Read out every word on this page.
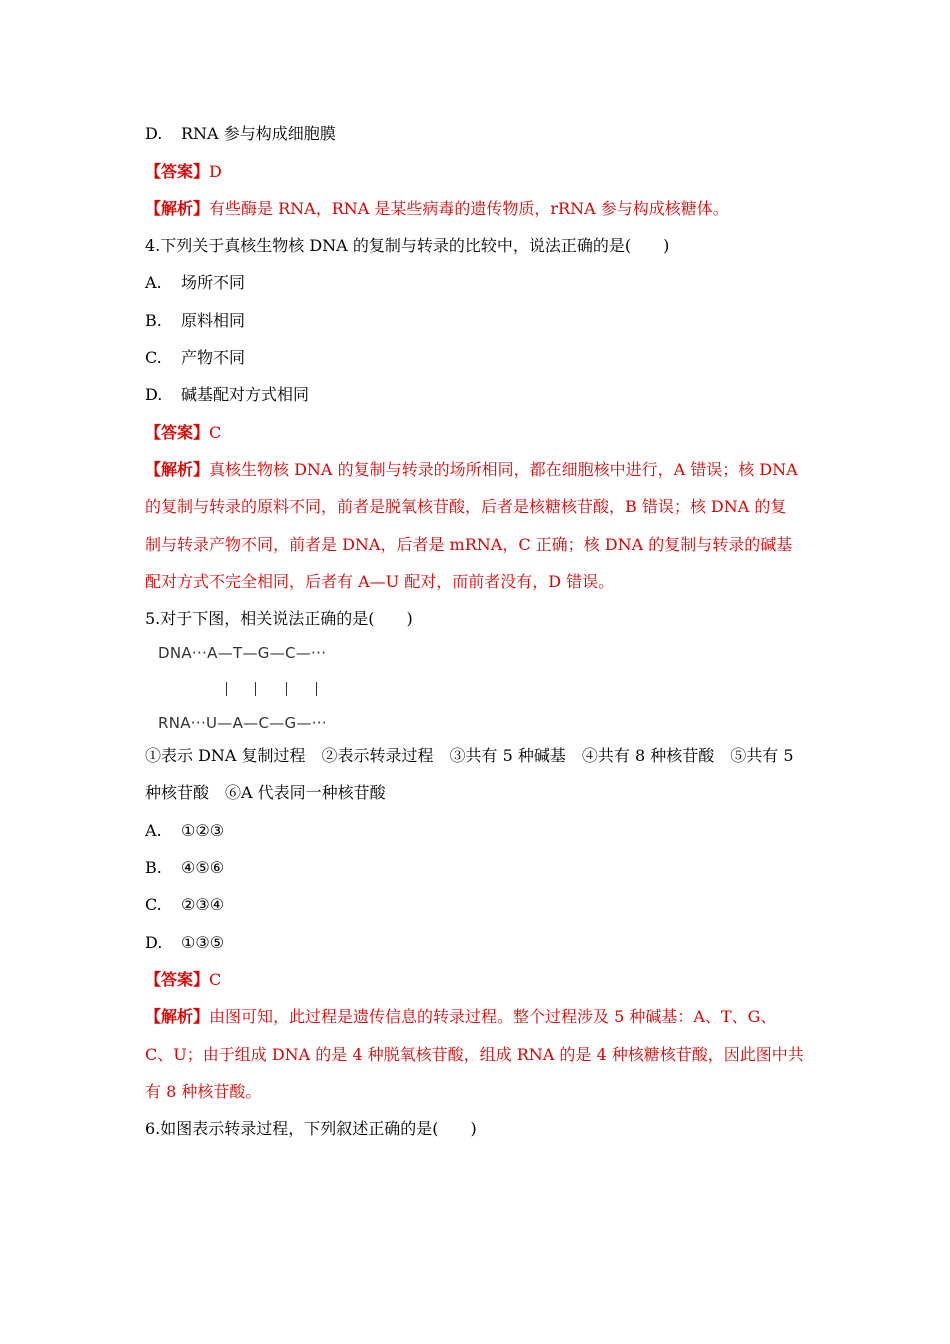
D. RNA 参与构成细胞膜
【答案】D
【解析】有些酶是 RNA，RNA 是某些病毒的遗传物质，rRNA 参与构成核糖体。
4.下列关于真核生物核 DNA 的复制与转录的比较中，说法正确的是(　　)
A. 场所不同
B. 原料相同
C. 产物不同
D. 碱基配对方式相同
【答案】C
【解析】真核生物核 DNA 的复制与转录的场所相同，都在细胞核中进行，A 错误；核 DNA
的复制与转录的原料不同，前者是脱氧核苷酸，后者是核糖核苷酸，B 错误；核 DNA 的复
制与转录产物不同，前者是 DNA，后者是 mRNA，C 正确；核 DNA 的复制与转录的碱基
配对方式不完全相同，后者有 A—U 配对，而前者没有，D 错误。
5.对于下图，相关说法正确的是(　　)
DNA···A—T—G—C—···
RNA···U—A—C—G—···
①表示 DNA 复制过程　②表示转录过程　③共有 5 种碱基　④共有 8 种核苷酸　⑤共有 5
种核苷酸　⑥A 代表同一种核苷酸
A. ①②③
B. ④⑤⑥
C. ②③④
D. ①③⑤
【答案】C
【解析】由图可知，此过程是遗传信息的转录过程。整个过程涉及 5 种碱基：A、T、G、
C、U；由于组成 DNA 的是 4 种脱氧核苷酸，组成 RNA 的是 4 种核糖核苷酸，因此图中共
有 8 种核苷酸。
6.如图表示转录过程，下列叙述正确的是(　　)
